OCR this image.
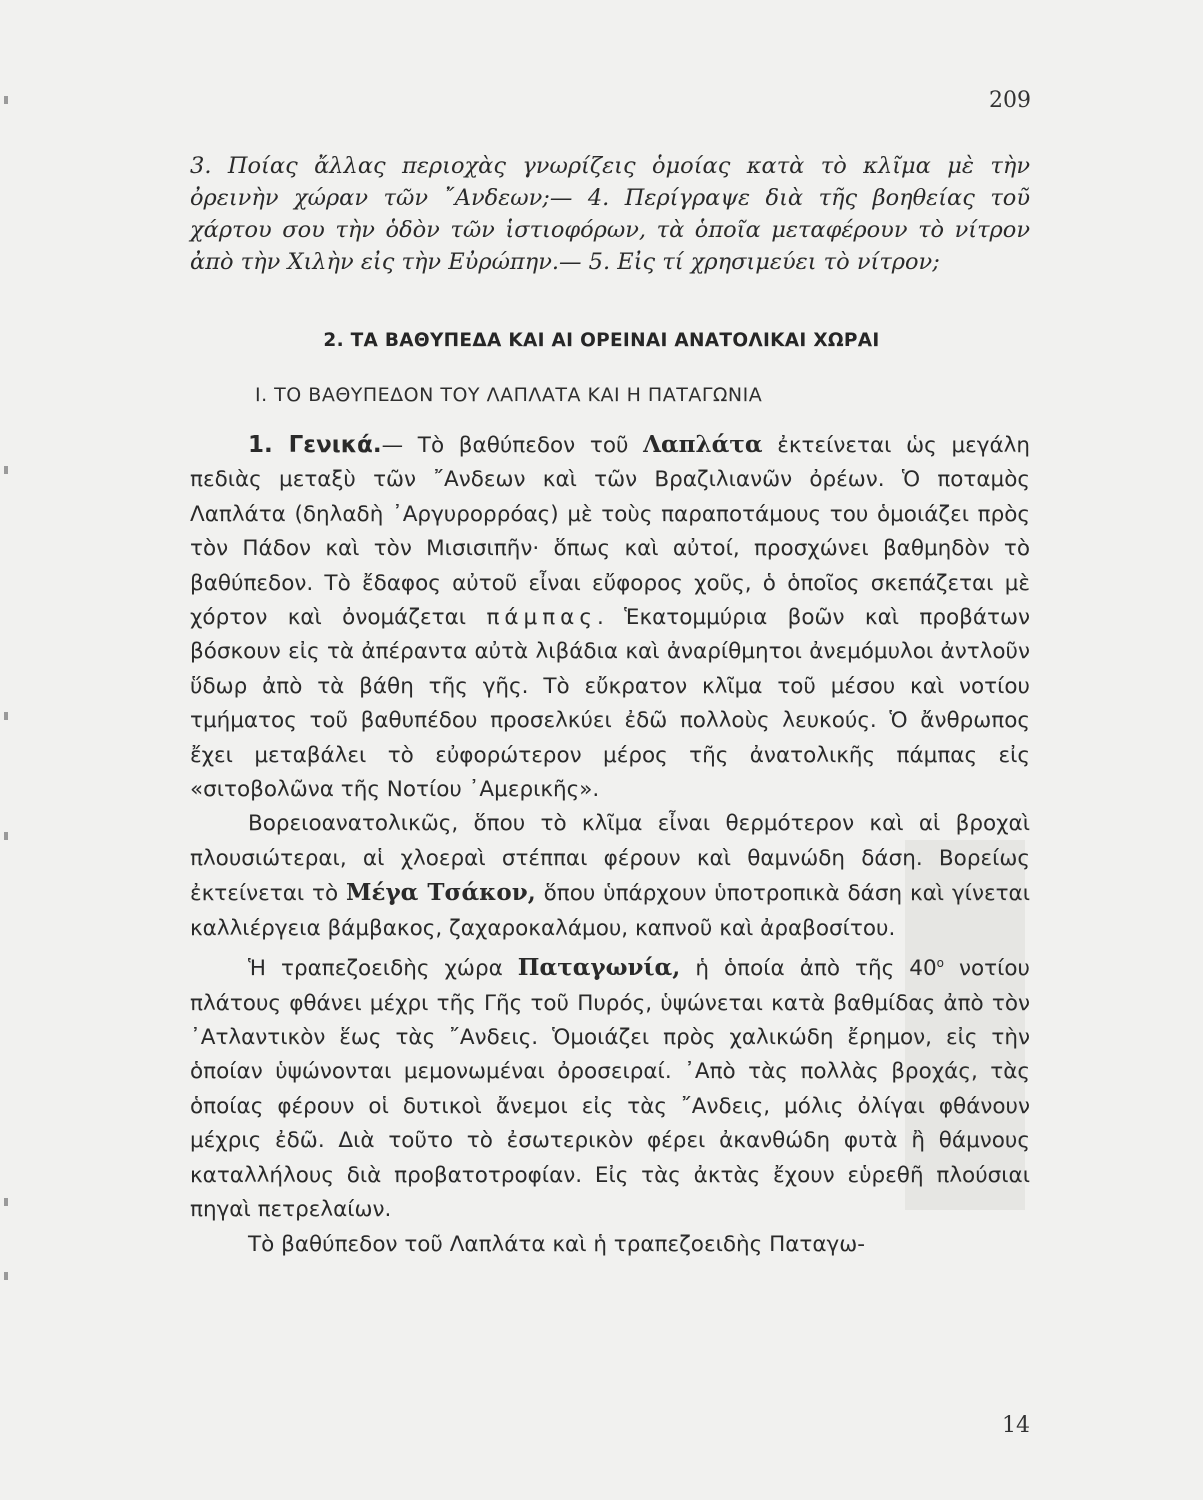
209
3. Ποίας ἄλλας περιοχὰς γνωρίζεις ὁμοίας κατὰ τὸ κλῖμα μὲ τὴν ὀρεινὴν χώραν τῶν ῎Ανδεων;— 4. Περίγραψε διὰ τῆς βοηθείας τοῦ χάρτου σου τὴν ὁδὸν τῶν ἱστιοφόρων, τὰ ὁποῖα μεταφέρουν τὸ νίτρον ἀπὸ τὴν Χιλὴν εἰς τὴν Εὐρώπην.— 5. Εἰς τί χρησιμεύει τὸ νίτρον;
2. ΤΑ ΒΑΘΥΠΕΔΑ ΚΑΙ ΑΙ ΟΡΕΙΝΑΙ ΑΝΑΤΟΛΙΚΑΙ ΧΩΡΑΙ
Ι. ΤΟ ΒΑΘΥΠΕΔΟΝ ΤΟΥ ΛΑΠΛΑΤΑ ΚΑΙ Η ΠΑΤΑΓΩΝΙΑ

1. Γενικά.— Τὸ βαθύπεδον τοῦ Λαπλάτα ἐκτείνεται ὡς μεγάλη πεδιὰς μεταξὺ τῶν ῎Ανδεων καὶ τῶν Βραζιλιανῶν ὀρέων. Ὁ ποταμὸς Λαπλάτα (δηλαδὴ ᾿Αργυρορρόας) μὲ τοὺς παραποτάμους του ὁμοιάζει πρὸς τὸν Πάδον καὶ τὸν Μισισιπῆν· ὅπως καὶ αὐτοί, προσχώνει βαθμηδὸν τὸ βαθύπεδον. Τὸ ἔδαφος αὐτοῦ εἶναι εὔφορος χοῦς, ὁ ὁποῖος σκεπάζεται μὲ χόρτον καὶ ὀνομάζεται πάμπας. Ἑκατομμύρια βοῶν καὶ προβάτων βόσκουν εἰς τὰ ἀπέραντα αὐτὰ λιβάδια καὶ ἀναρίθμητοι ἀνεμόμυλοι ἀντλοῦν ὕδωρ ἀπὸ τὰ βάθη τῆς γῆς. Τὸ εὔκρατον κλῖμα τοῦ μέσου καὶ νοτίου τμήματος τοῦ βαθυπέδου προσελκύει ἐδῶ πολλοὺς λευκούς. Ὁ ἄνθρωπος ἔχει μεταβάλει τὸ εὐφορώτερον μέρος τῆς ἀνατολικῆς πάμπας εἰς «σιτοβολῶνα τῆς Νοτίου ᾿Αμερικῆς».

Βορειοανατολικῶς, ὅπου τὸ κλῖμα εἶναι θερμότερον καὶ αἱ βροχαὶ πλουσιώτεραι, αἱ χλοεραὶ στέππαι φέρουν καὶ θαμνώδη δάση. Βορείως ἐκτείνεται τὸ Μέγα Τσάκον, ὅπου ὑπάρχουν ὑποτροπικὰ δάση καὶ γίνεται καλλιέργεια βάμβακος, ζαχαροκαλάμου, καπνοῦ καὶ ἀραβοσίτου.

Ἡ τραπεζοειδὴς χώρα Παταγωνία, ἡ ὁποία ἀπὸ τῆς $40^o$ νοτίου πλάτους φθάνει μέχρι τῆς Γῆς τοῦ Πυρός, ὑψώνεται κατὰ βαθμίδας ἀπὸ τὸν ᾿Ατλαντικὸν ἕως τὰς ῎Ανδεις. Ὁμοιάζει πρὸς χαλικώδη ἔρημον, εἰς τὴν ὁποίαν ὑψώνονται μεμονωμέναι ὀροσειραί. ᾿Απὸ τὰς πολλὰς βροχάς, τὰς ὁποίας φέρουν οἱ δυτικοὶ ἄνεμοι εἰς τὰς ῎Ανδεις, μόλις ὀλίγαι φθάνουν μέχρις ἐδῶ. Διὰ τοῦτο τὸ ἐσωτερικὸν φέρει ἀκανθώδη φυτὰ ἢ θάμνους καταλλήλους διὰ προβατοτροφίαν. Εἰς τὰς ἀκτὰς ἔχουν εὑρεθῆ πλούσιαι πηγαὶ πετρελαίων.

Τὸ βαθύπεδον τοῦ Λαπλάτα καὶ ἡ τραπεζοειδὴς Παταγω-

14
